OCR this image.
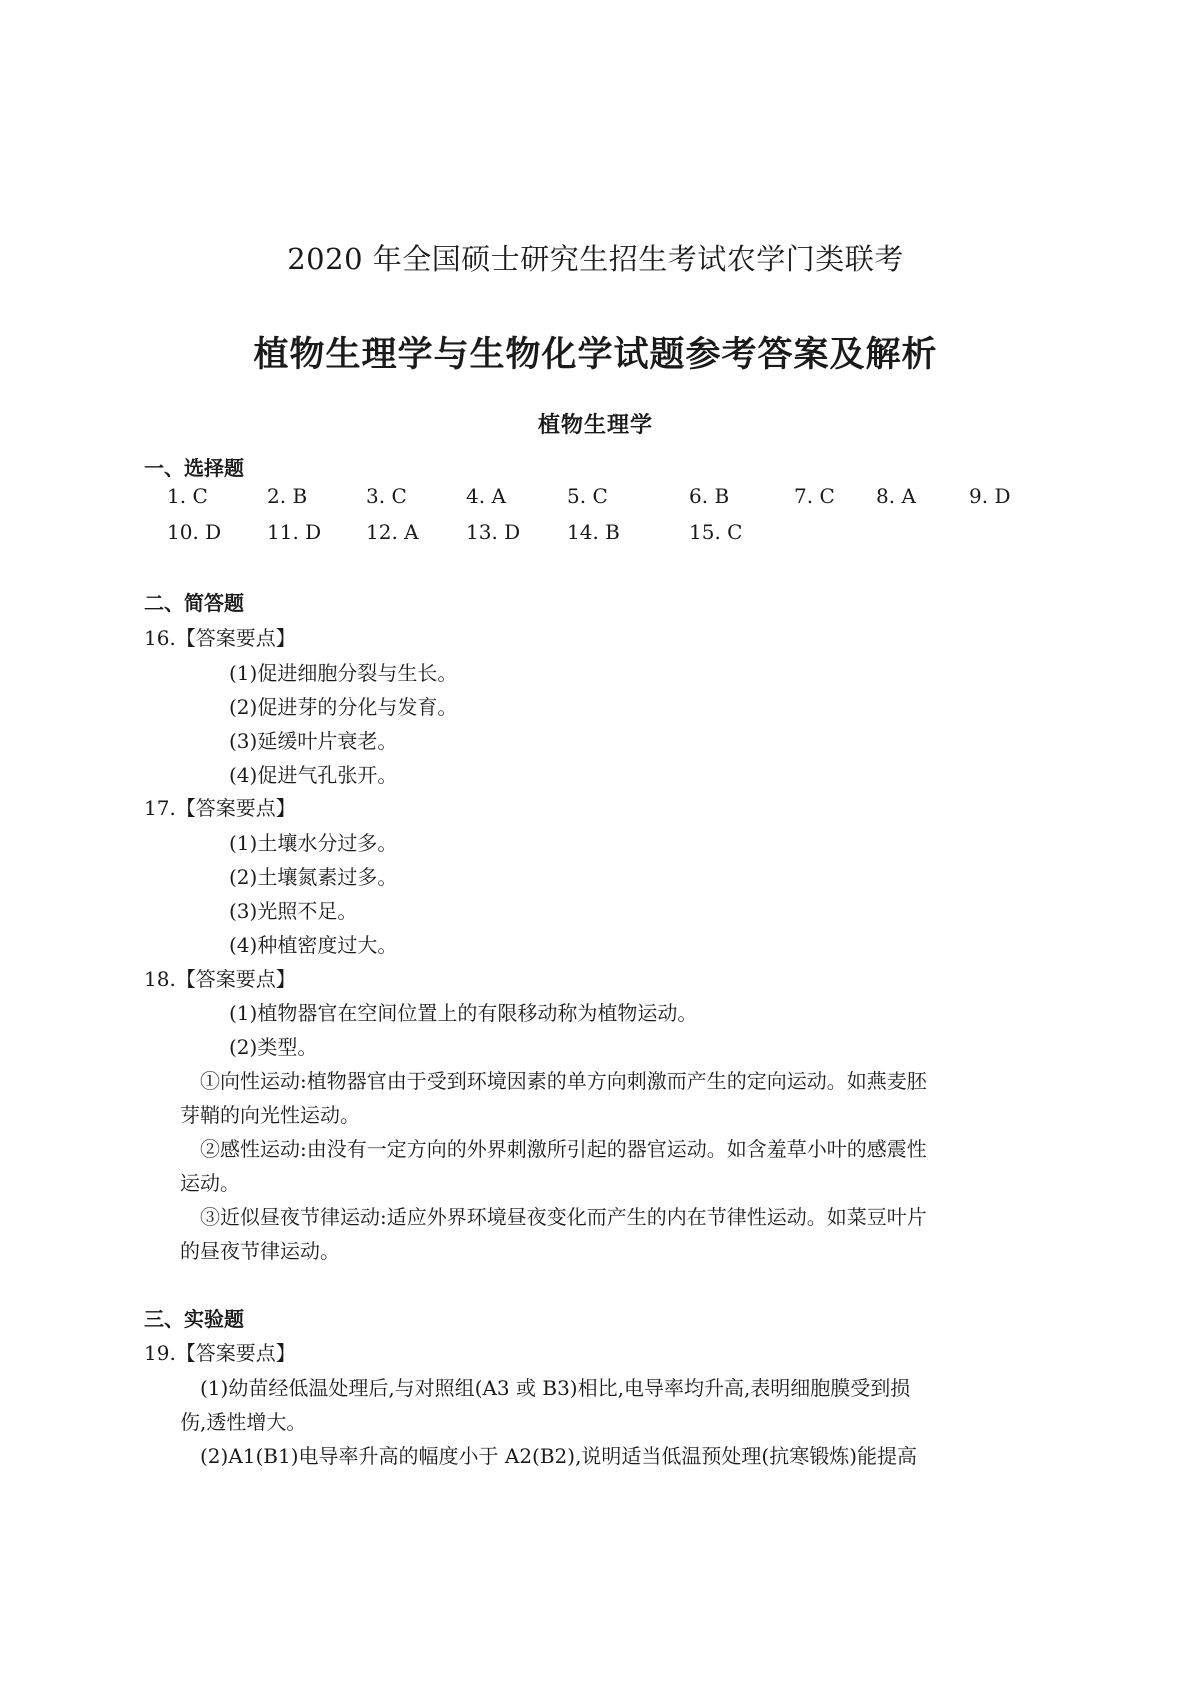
2020 年全国硕士研究生招生考试农学门类联考
植物生理学与生物化学试题参考答案及解析
植物生理学
一、选择题
1. C	2. B	3. C	4. A	5. C	6. B	7. C 8. A	9. D
10. D 11. D 12. A 13. D 14. B	15. C
二、简答题
16.【答案要点】
(1)促进细胞分裂与生长。
(2)促进芽的分化与发育。
(3)延缓叶片衰老。
(4)促进气孔张开。
17.【答案要点】
(1)土壤水分过多。
(2)土壤氮素过多。
(3)光照不足。
(4)种植密度过大。
18.【答案要点】
(1)植物器官在空间位置上的有限移动称为植物运动。
(2)类型。
①向性运动:植物器官由于受到环境因素的单方向刺激而产生的定向运动。如燕麦胚
芽鞘的向光性运动。
②感性运动:由没有一定方向的外界刺激所引起的器官运动。如含羞草小叶的感震性
运动。
③近似昼夜节律运动:适应外界环境昼夜变化而产生的内在节律性运动。如菜豆叶片
的昼夜节律运动。
三、实验题
19.【答案要点】
(1)幼苗经低温处理后,与对照组(A3 或 B3)相比,电导率均升高,表明细胞膜受到损
伤,透性增大。
(2)A1(B1)电导率升高的幅度小于 A2(B2),说明适当低温预处理(抗寒锻炼)能提高
